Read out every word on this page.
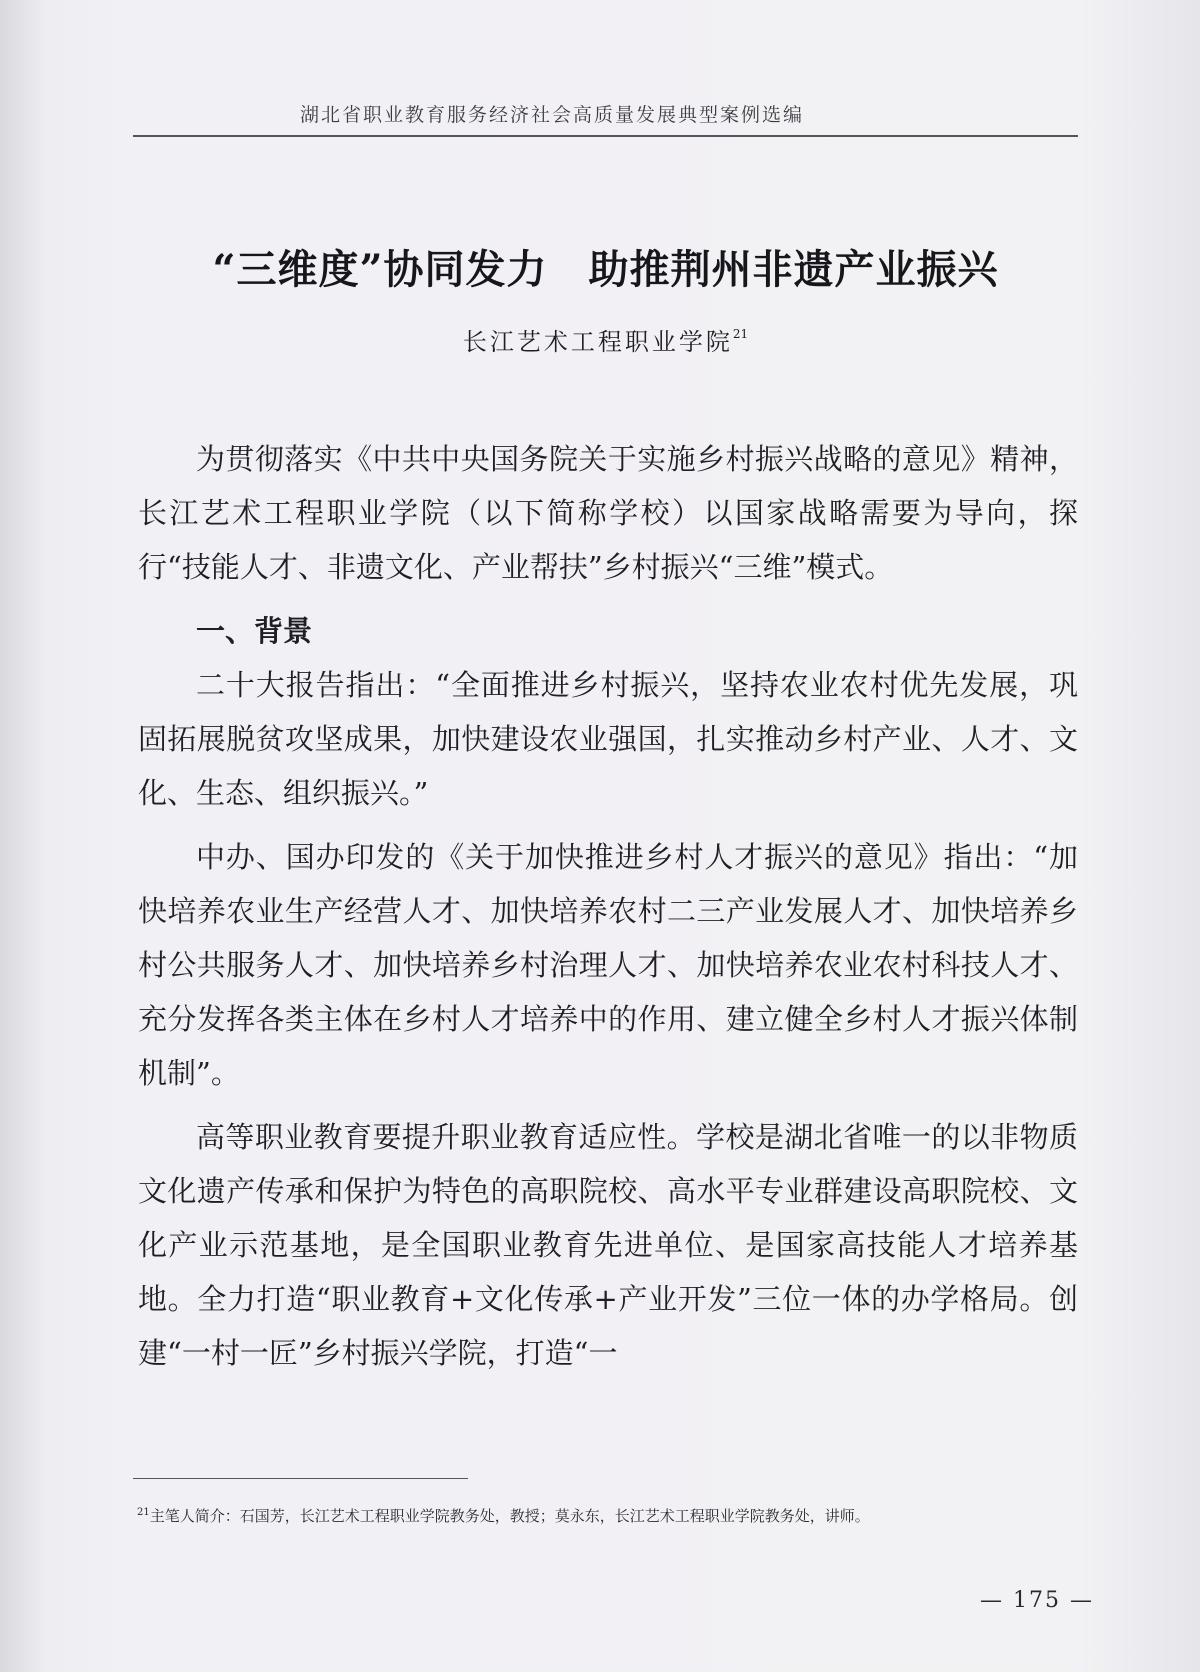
湖北省职业教育服务经济社会高质量发展典型案例选编
“三维度”协同发力　助推荆州非遗产业振兴
长江艺术工程职业学院$^{21}$

为贯彻落实《中共中央国务院关于实施乡村振兴战略的意见》精神，长江艺术工程职业学院（以下简称学校）以国家战略需要为导向，探行“技能人才、非遗文化、产业帮扶”乡村振兴“三维”模式。

一、背景

二十大报告指出：“全面推进乡村振兴，坚持农业农村优先发展，巩固拓展脱贫攻坚成果，加快建设农业强国，扎实推动乡村产业、人才、文化、生态、组织振兴。”

中办、国办印发的《关于加快推进乡村人才振兴的意见》指出：“加快培养农业生产经营人才、加快培养农村二三产业发展人才、加快培养乡村公共服务人才、加快培养乡村治理人才、加快培养农业农村科技人才、充分发挥各类主体在乡村人才培养中的作用、建立健全乡村人才振兴体制机制”。

高等职业教育要提升职业教育适应性。学校是湖北省唯一的以非物质文化遗产传承和保护为特色的高职院校、高水平专业群建设高职院校、文化产业示范基地，是全国职业教育先进单位、是国家高技能人才培养基地。全力打造“职业教育+文化传承+产业开发”三位一体的办学格局。创建“一村一匠”乡村振兴学院，打造“一

$^{21}$主笔人简介：石国芳，长江艺术工程职业学院教务处，教授；莫永东，长江艺术工程职业学院教务处，讲师。
— 175 —
